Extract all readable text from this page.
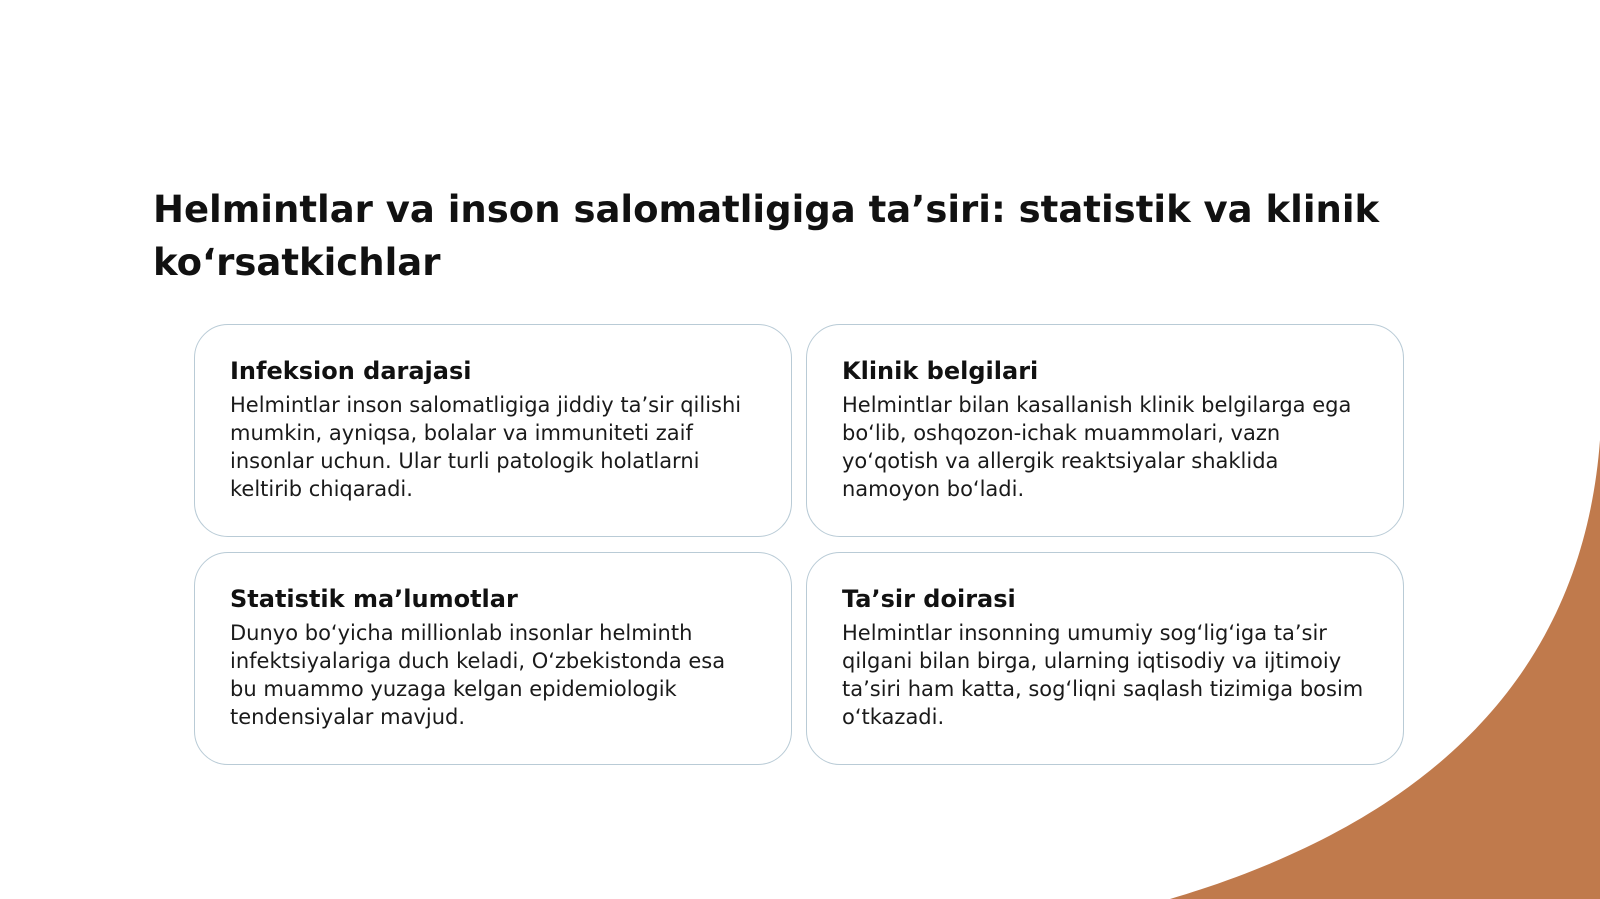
Helmintlar va inson salomatligiga ta’siri: statistik va klinik ko‘rsatkichlar
Infeksion darajasi

Helmintlar inson salomatligiga jiddiy ta’sir qilishi mumkin, ayniqsa, bolalar va immuniteti zaif insonlar uchun. Ular turli patologik holatlarni keltirib chiqaradi.

Klinik belgilari

Helmintlar bilan kasallanish klinik belgilarga ega bo‘lib, oshqozon-ichak muammolari, vazn yo‘qotish va allergik reaktsiyalar shaklida namoyon bo‘ladi.

Statistik ma’lumotlar

Dunyo bo‘yicha millionlab insonlar helminth infektsiyalariga duch keladi, O‘zbekistonda esa bu muammo yuzaga kelgan epidemiologik tendensiyalar mavjud.

Ta’sir doirasi

Helmintlar insonning umumiy sog‘lig‘iga ta’sir qilgani bilan birga, ularning iqtisodiy va ijtimoiy ta’siri ham katta, sog‘liqni saqlash tizimiga bosim o‘tkazadi.
